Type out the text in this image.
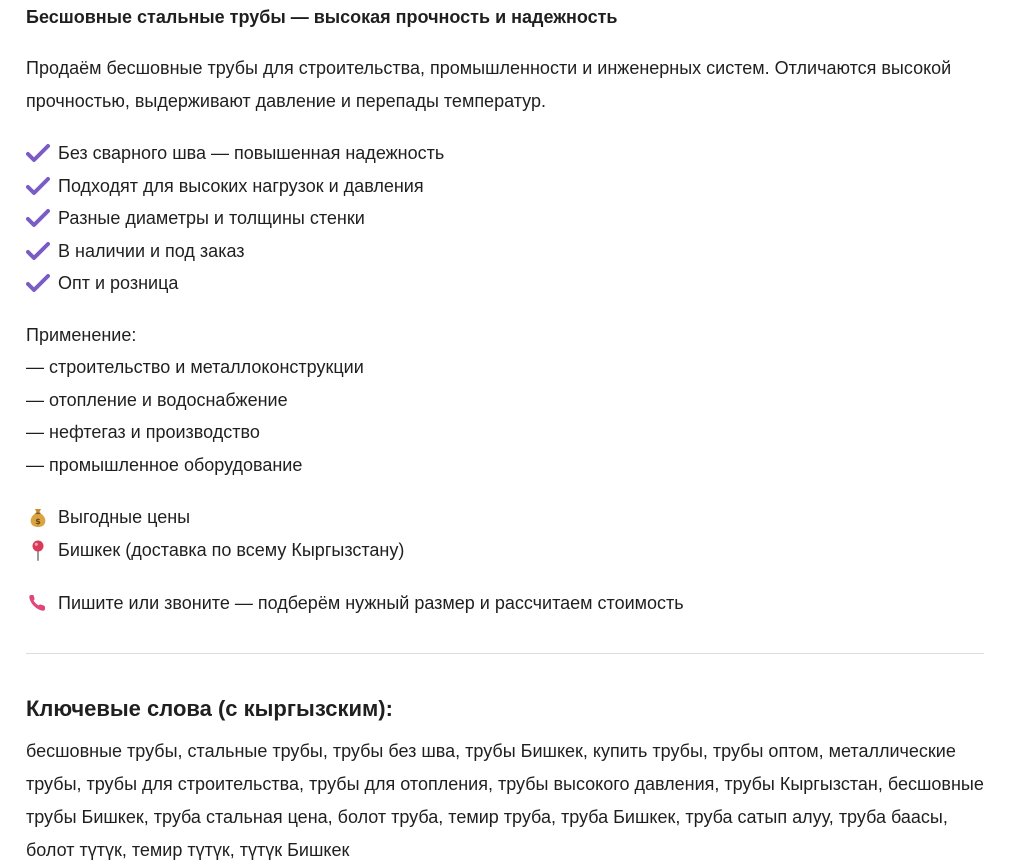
Бесшовные стальные трубы — высокая прочность и надежность

Продаём бесшовные трубы для строительства, промышленности и инженерных систем. Отличаются высокой прочностью, выдерживают давление и перепады температур.

Без сварного шва — повышенная надежность
Подходят для высоких нагрузок и давления
Разные диаметры и толщины стенки
В наличии и под заказ
Опт и розница
Применение:
— строительство и металлоконструкции
— отопление и водоснабжение
— нефтегаз и производство
— промышленное оборудование
$ Выгодные цены
Бишкек (доставка по всему Кыргызстану)
Пишите или звоните — подберём нужный размер и рассчитаем стоимость
Ключевые слова (с кыргызским):

бесшовные трубы, стальные трубы, трубы без шва, трубы Бишкек, купить трубы, трубы оптом, металлические трубы, трубы для строительства, трубы для отопления, трубы высокого давления, трубы Кыргызстан, бесшовные трубы Бишкек, труба стальная цена, болот труба, темир труба, труба Бишкек, труба сатып алуу, труба баасы, болот түтүк, темир түтүк, түтүк Бишкек
